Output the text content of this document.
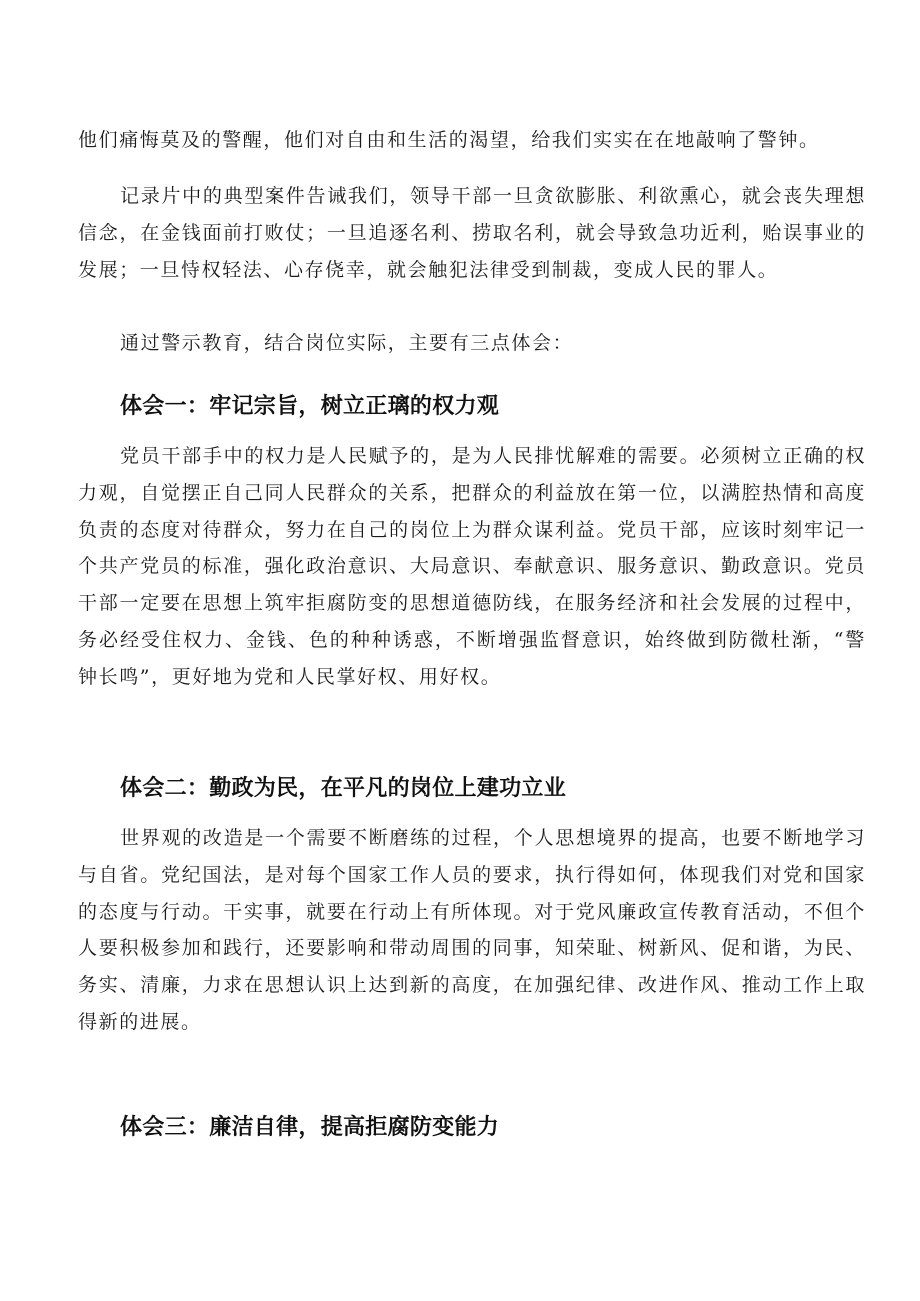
他们痛悔莫及的警醒，他们对自由和生活的渴望，给我们实实在在地敲响了警钟。

记录片中的典型案件告诫我们，领导干部一旦贪欲膨胀、利欲熏心，就会丧失理想信念，在金钱面前打败仗；一旦追逐名利、捞取名利，就会导致急功近利，贻误事业的发展；一旦恃权轻法、心存侥幸，就会触犯法律受到制裁，变成人民的罪人。

通过警示教育，结合岗位实际，主要有三点体会：

体会一：牢记宗旨，树立正璃的权力观

党员干部手中的权力是人民赋予的，是为人民排忧解难的需要。必须树立正确的权力观，自觉摆正自己同人民群众的关系，把群众的利益放在第一位，以满腔热情和高度负责的态度对待群众，努力在自己的岗位上为群众谋利益。党员干部，应该时刻牢记一个共产党员的标准，强化政治意识、大局意识、奉献意识、服务意识、勤政意识。党员干部一定要在思想上筑牢拒腐防变的思想道德防线，在服务经济和社会发展的过程中，务必经受住权力、金钱、色的种种诱惑，不断增强监督意识，始终做到防微杜渐，“警钟长鸣”，更好地为党和人民掌好权、用好权。

体会二：勤政为民，在平凡的岗位上建功立业

世界观的改造是一个需要不断磨练的过程，个人思想境界的提高，也要不断地学习与自省。党纪国法，是对每个国家工作人员的要求，执行得如何，体现我们对党和国家的态度与行动。干实事，就要在行动上有所体现。对于党风廉政宣传教育活动，不但个人要积极参加和践行，还要影响和带动周围的同事，知荣耻、树新风、促和谐，为民、务实、清廉，力求在思想认识上达到新的高度，在加强纪律、改进作风、推动工作上取得新的进展。

体会三：廉洁自律，提高拒腐防变能力
